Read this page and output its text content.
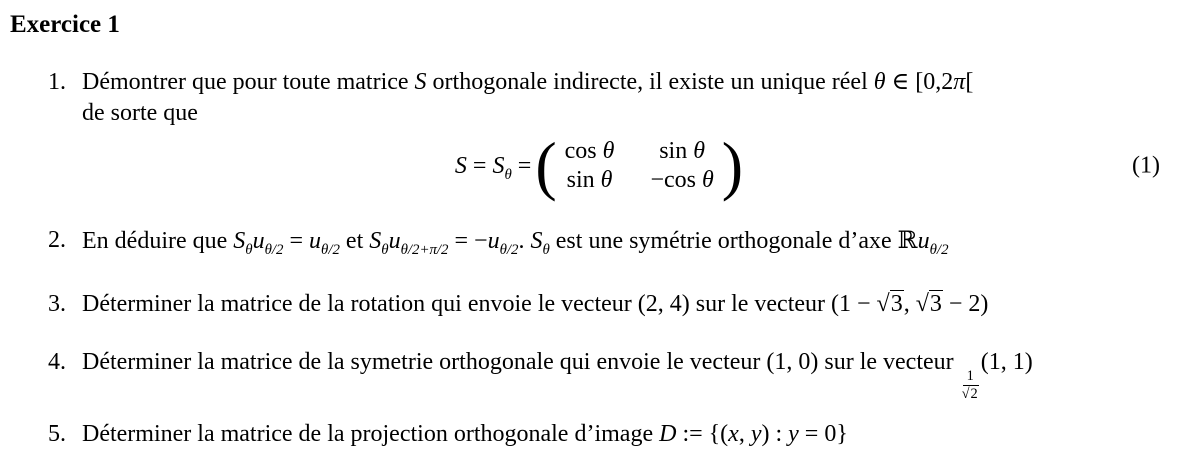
Exercice 1
1. Démontrer que pour toute matrice S orthogonale indirecte, il existe un unique réel θ ∈ [0,2π[
de sorte que
$S = S_\theta$ = ( cos θ	sin θ
sin θ −cos θ )	(1)
2. En déduire que $S_\theta u_{\theta/2} = u_{\theta/2}$ et $S_\theta u_{\theta/2+\pi/2} = -u_{\theta/2}$. $S_\theta$ est une symétrie orthogonale d’axe ℝu$_{\theta/2}$
3. Déterminer la matrice de la rotation qui envoie le vecteur (2, 4) sur le vecteur (1 − √3, √3 − 2)
4. Déterminer la matrice de la symetrie orthogonale qui envoie le vecteur (1, 0) sur le vecteur
$\frac{1}{√2}$
(1, 1)
5. Déterminer la matrice de la projection orthogonale d’image D := {(x, y) : y = 0}
